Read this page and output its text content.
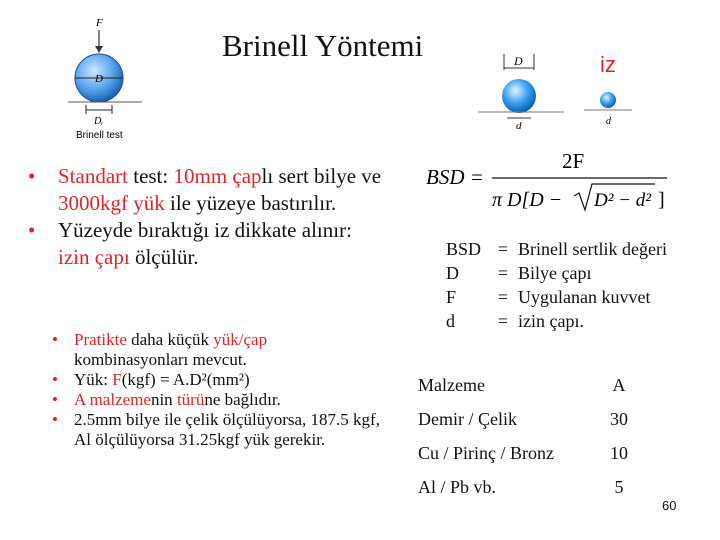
Brinell Yöntemi
F
D
Dᵢ
Brinell test
D
d	d
iz
• Standart test: 10mm çaplı sert bilye ve 3000kgf yük ile yüzeye bastırılır.
• Yüzeyde bıraktığı iz dikkate alınır: izin çapı ölçülür.
• Pratikte daha küçük yük/çap kombinasyonları mevcut.
• Yük: F(kgf) = A.D²(mm²)
• A malzemenin türüne bağlıdır.
• 2.5mm bilye ile çelik ölçülüyorsa, 187.5 kgf, Al ölçülüyorsa 31.25kgf yük gerekir.
BSD =
2F
π D[D − D² − d² ]
BSD = Brinell sertlik değeri
D	= Bilye çapı
F	= Uygulanan kuvvet
d	= izin çapı.
Malzeme	A
Demir / Çelik	30
Cu / Pirinç / Bronz	10
Al / Pb vb.	5
60
